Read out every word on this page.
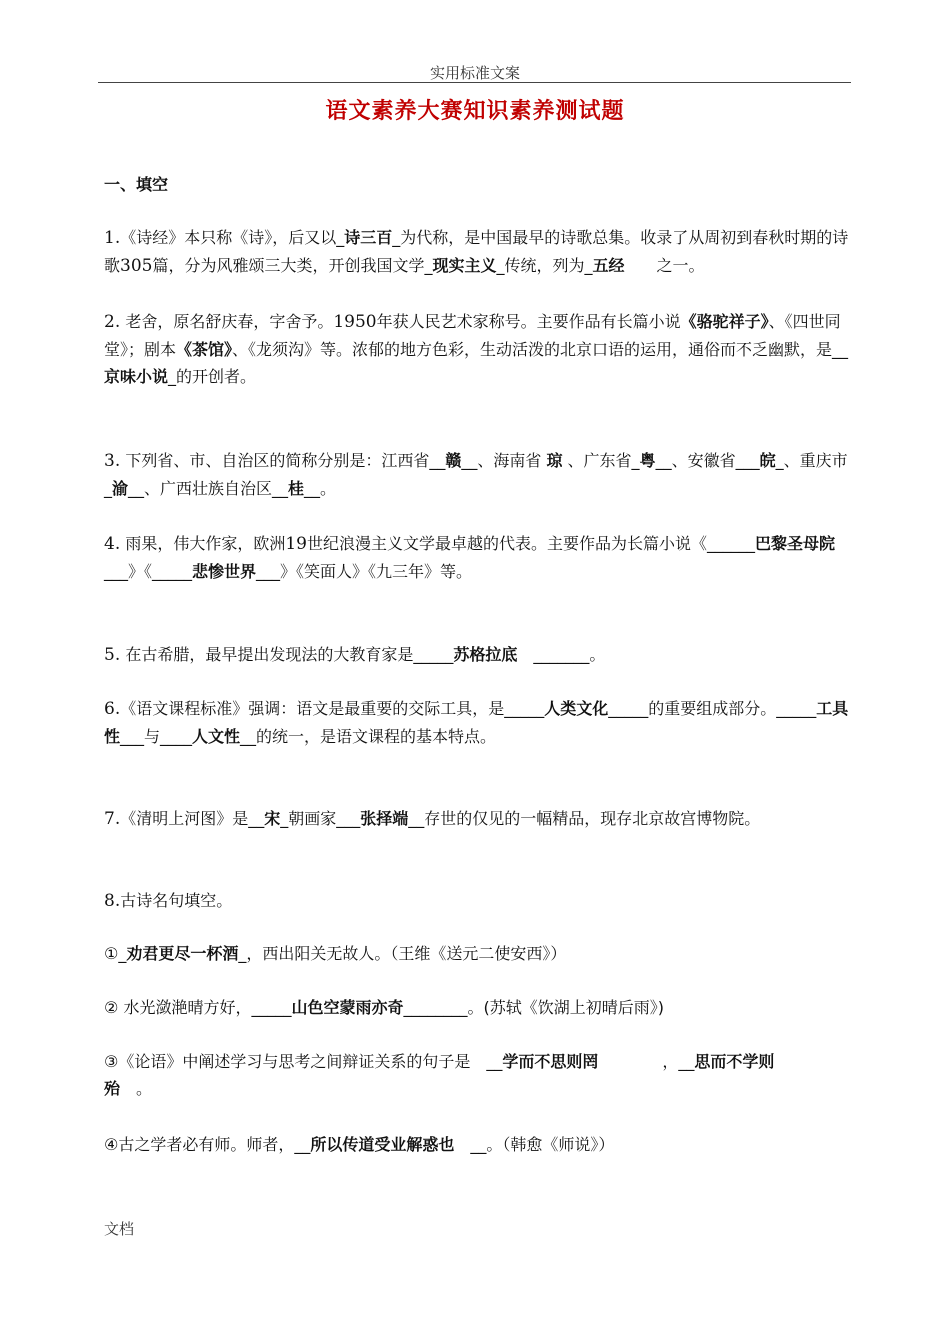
实用标准文案
语文素养大赛知识素养测试题
一、填空
1.《诗经》本只称《诗》，后又以_诗三百_为代称，是中国最早的诗歌总集。收录了从周初到春秋时期的诗歌305篇，分为风雅颂三大类，开创我国文学_现实主义_传统，列为_五经　　之一。
2. 老舍，原名舒庆春，字舍予。1950年获人民艺术家称号。主要作品有长篇小说《骆驼祥子》、《四世同堂》；剧本《茶馆》、《龙须沟》等。浓郁的地方色彩，生动活泼的北京口语的运用，通俗而不乏幽默，是__京味小说_的开创者。
3. 下列省、市、自治区的简称分别是：江西省__赣__、海南省 琼 、广东省_粤__、安徽省___皖_、重庆市_渝__、广西壮族自治区__桂__。
4. 雨果，伟大作家，欧洲19世纪浪漫主义文学最卓越的代表。主要作品为长篇小说《______巴黎圣母院　___》《_____悲惨世界___》《笑面人》《九三年》等。
5. 在古希腊，最早提出发现法的大教育家是_____苏格拉底　_______。
6.《语文课程标准》强调：语文是最重要的交际工具，是_____人类文化_____的重要组成部分。_____工具性___与____人文性__的统一，是语文课程的基本特点。
7.《清明上河图》是__宋_朝画家___张择端__存世的仅见的一幅精品，现存北京故宫博物院。
8.古诗名句填空。
①_劝君更尽一杯酒_，西出阳关无故人。（王维《送元二使安西》）
② 水光潋滟晴方好，_____山色空蒙雨亦奇________。(苏轼《饮湖上初晴后雨》)
③《论语》中阐述学习与思考之间辩证关系的句子是　__学而不思则罔　　　　，__思而不学则殆　。
④古之学者必有师。师者，__所以传道受业解惑也　__。（韩愈《师说》）
文档
